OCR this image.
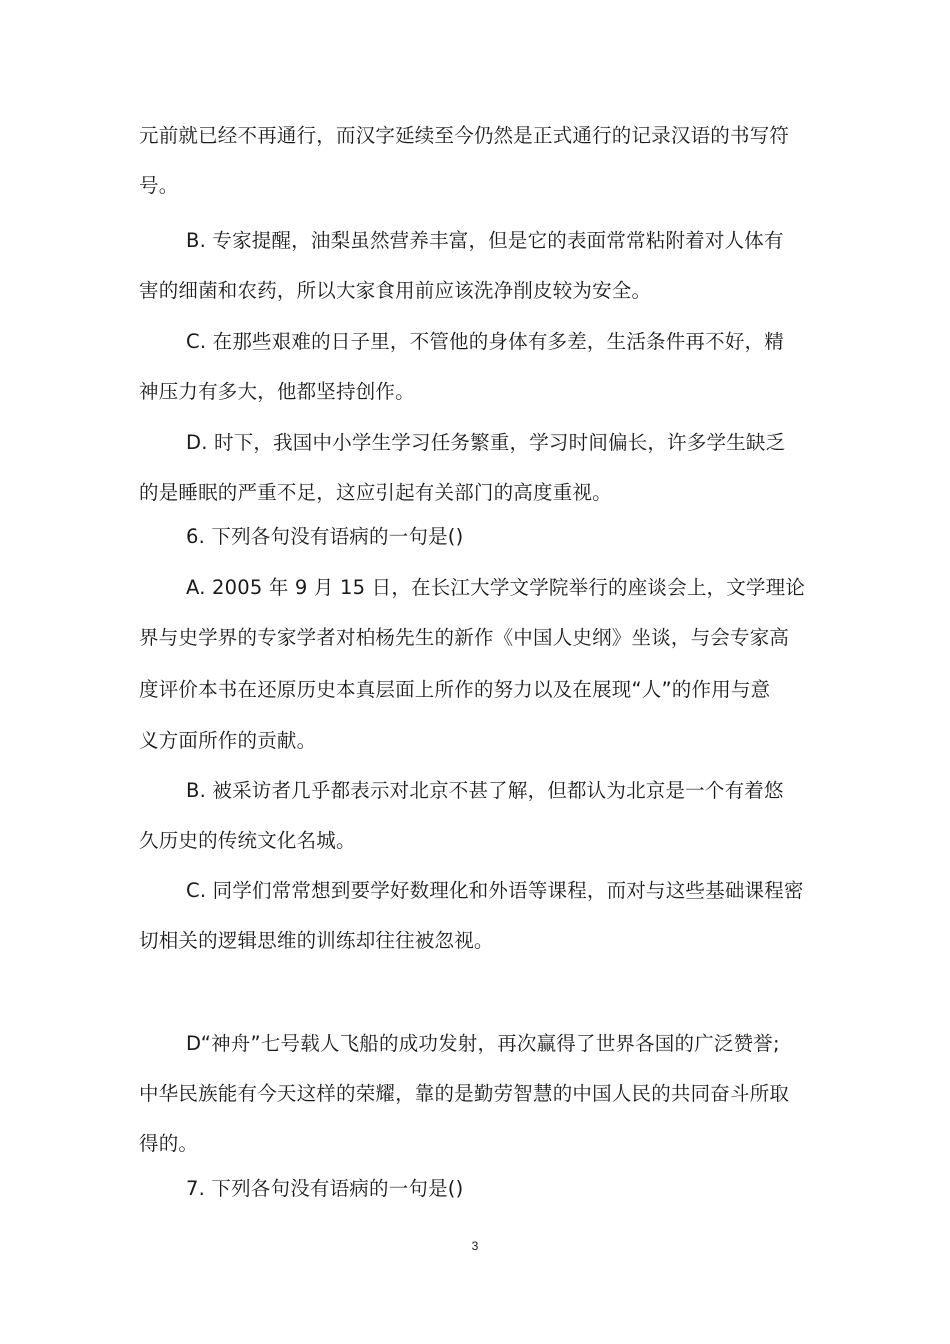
元前就已经不再通行，而汉字延续至今仍然是正式通行的记录汉语的书写符
号。
B. 专家提醒，油梨虽然营养丰富，但是它的表面常常粘附着对人体有
害的细菌和农药，所以大家食用前应该洗净削皮较为安全。
C. 在那些艰难的日子里，不管他的身体有多差，生活条件再不好，精
神压力有多大，他都坚持创作。
D. 时下，我国中小学生学习任务繁重，学习时间偏长，许多学生缺乏
的是睡眠的严重不足，这应引起有关部门的高度重视。
6. 下列各句没有语病的一句是()
A. 2005 年 9 月 15 日，在长江大学文学院举行的座谈会上，文学理论
界与史学界的专家学者对柏杨先生的新作《中国人史纲》坐谈，与会专家高
度评价本书在还原历史本真层面上所作的努力以及在展现“人”的作用与意
义方面所作的贡献。
B. 被采访者几乎都表示对北京不甚了解，但都认为北京是一个有着悠
久历史的传统文化名城。
C. 同学们常常想到要学好数理化和外语等课程，而对与这些基础课程密
切相关的逻辑思维的训练却往往被忽视。
D“神舟”七号载人飞船的成功发射，再次赢得了世界各国的广泛赞誉;
中华民族能有今天这样的荣耀，靠的是勤劳智慧的中国人民的共同奋斗所取
得的。
7. 下列各句没有语病的一句是()
3
